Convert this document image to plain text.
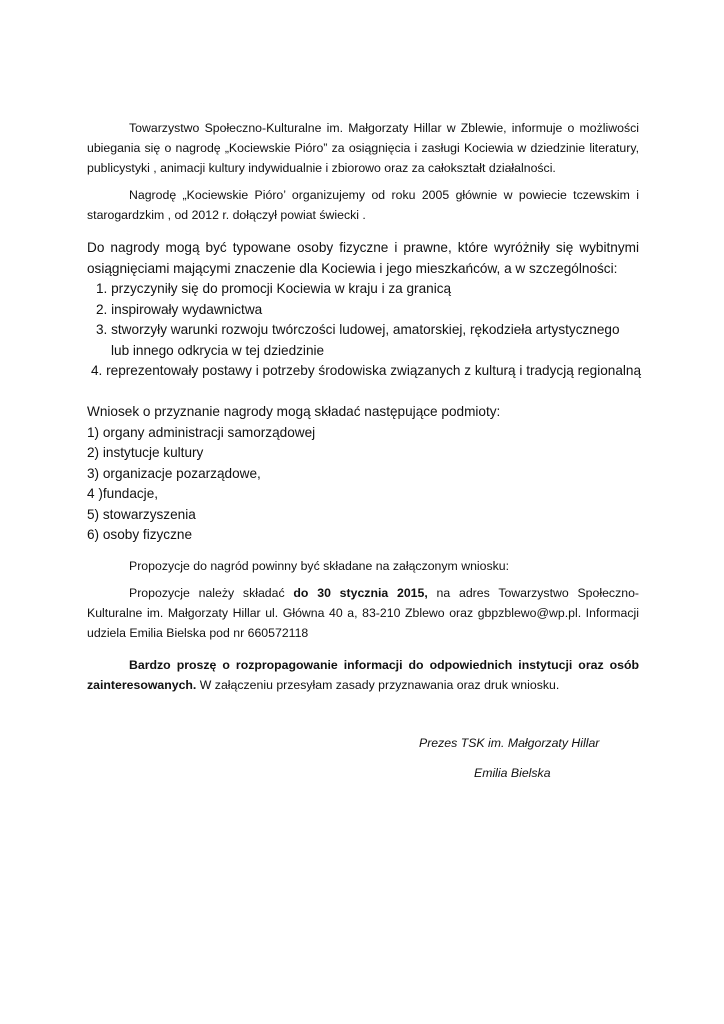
Towarzystwo Społeczno-Kulturalne im. Małgorzaty Hillar w Zblewie, informuje o możliwości ubiegania się o nagrodę „Kociewskie Pióro” za osiągnięcia i zasługi Kociewia w dziedzinie literatury, publicystyki , animacji kultury indywidualnie i zbiorowo oraz za całokształt działalności.

Nagrodę „Kociewskie Pióro’ organizujemy od roku 2005 głównie w powiecie tczewskim i starogardzkim , od 2012 r. dołączył powiat świecki .

Do nagrody mogą być typowane osoby fizyczne i prawne, które wyróżniły się wybitnymi osiągnięciami mającymi znaczenie dla Kociewia i jego mieszkańców, a w szczególności:

1. przyczyniły się do promocji Kociewia w kraju i za granicą
2. inspirowały wydawnictwa
3. stworzyły warunki rozwoju twórczości ludowej, amatorskiej, rękodzieła artystycznego
lub innego odkrycia w tej dziedzinie
4. reprezentowały postawy i potrzeby środowiska związanych z kulturą i tradycją regionalną

Wniosek o przyznanie nagrody mogą składać następujące podmioty:

1) organy administracji samorządowej

2) instytucje kultury

3) organizacje pozarządowe,

4 )fundacje,

5) stowarzyszenia

6) osoby fizyczne

Propozycje do nagród powinny być składane na załączonym wniosku:

Propozycje należy składać do 30 stycznia 2015, na adres Towarzystwo Społeczno- Kulturalne im. Małgorzaty Hillar ul. Główna 40 a, 83-210 Zblewo oraz gbpzblewo@wp.pl. Informacji udziela Emilia Bielska pod nr 660572118

Bardzo proszę o rozpropagowanie informacji do odpowiednich instytucji oraz osób zainteresowanych. W załączeniu przesyłam zasady przyznawania oraz druk wniosku.

Prezes TSK im. Małgorzaty Hillar
Emilia Bielska
